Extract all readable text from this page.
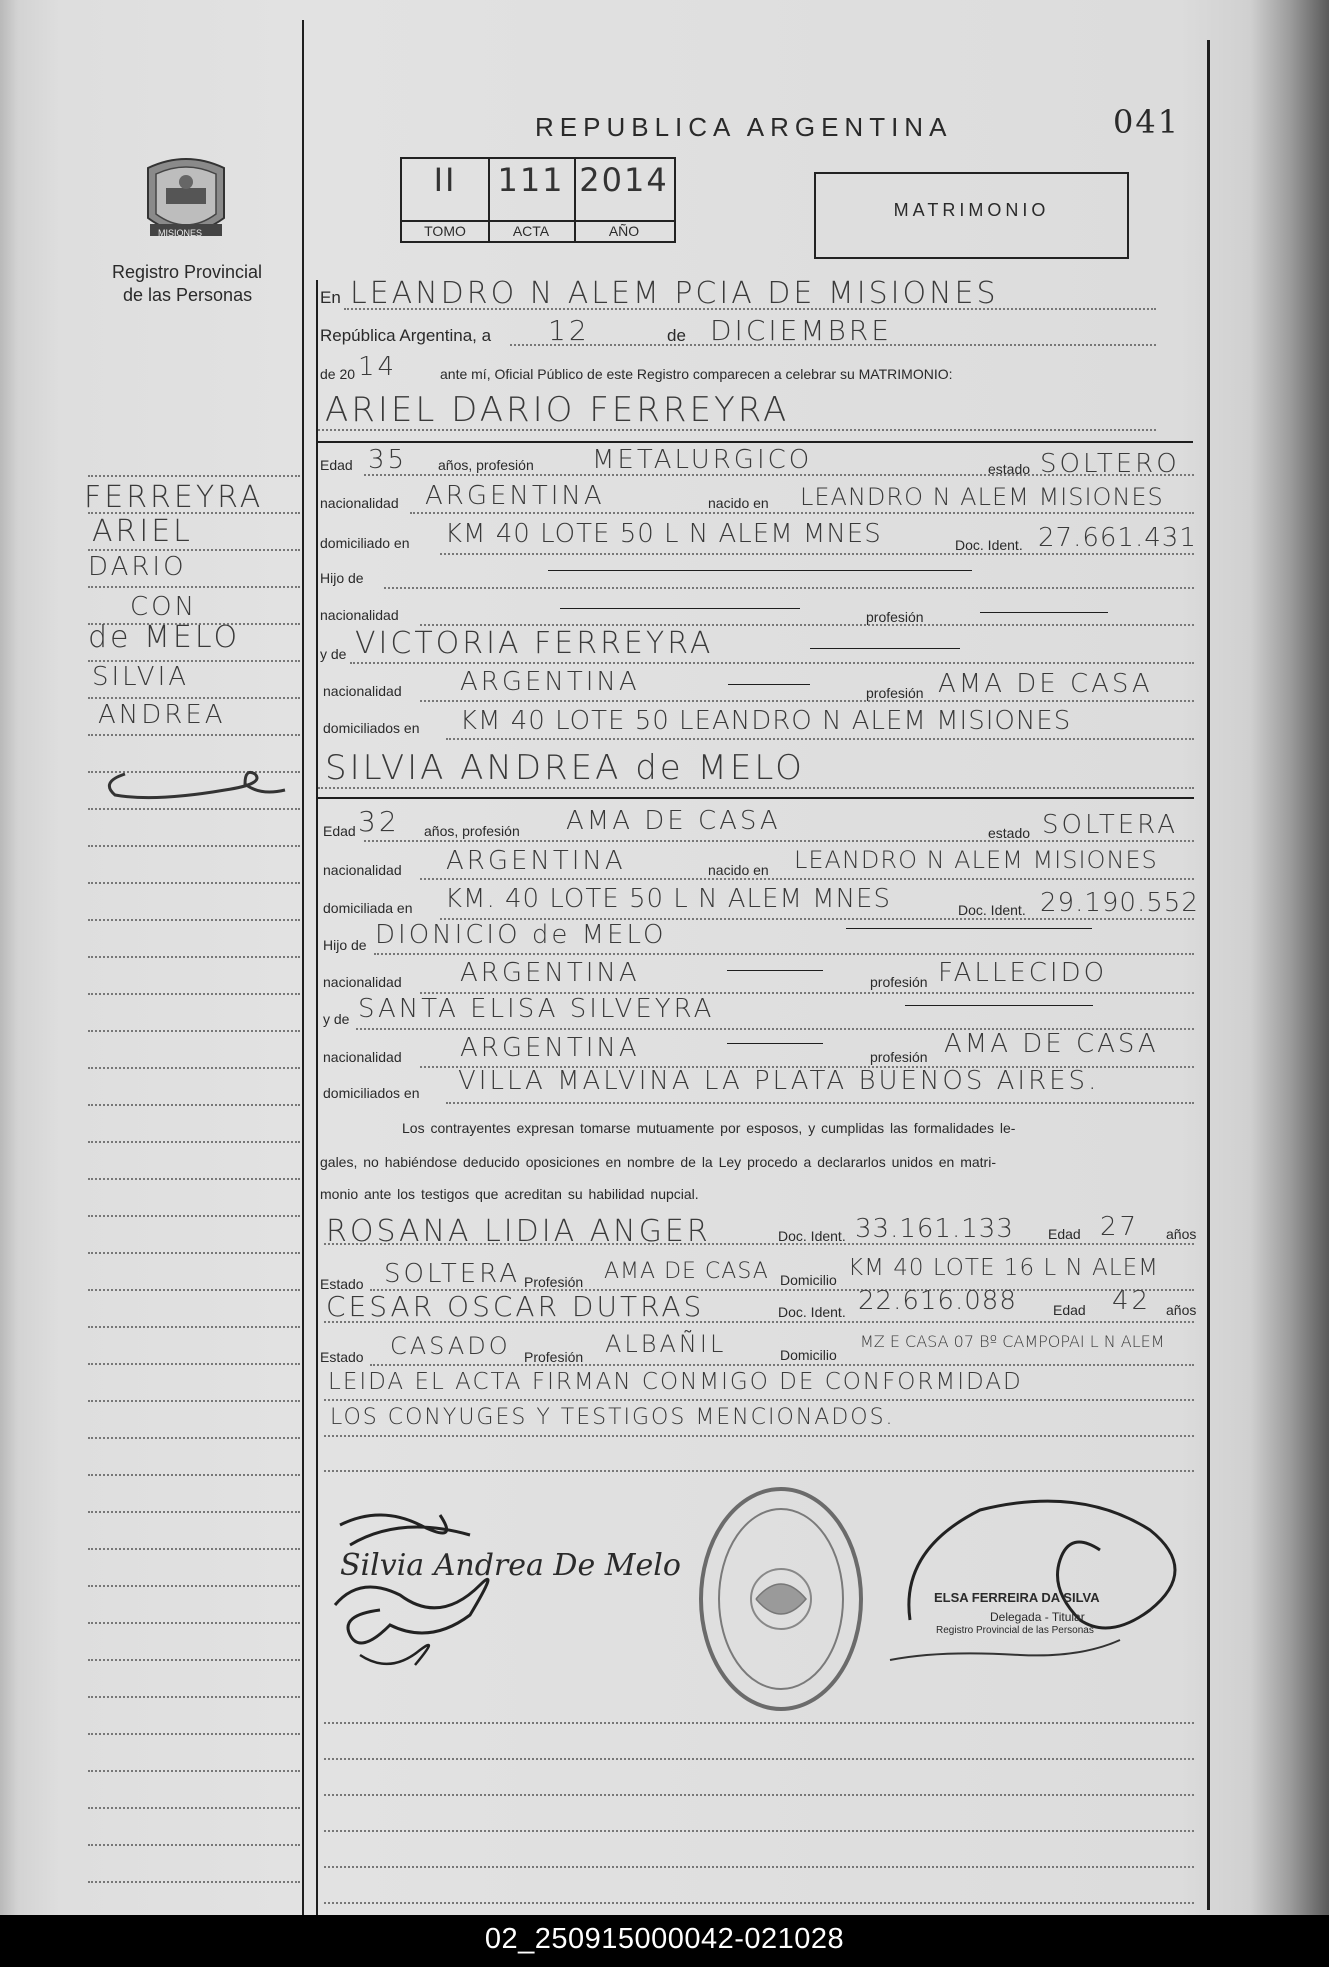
REPUBLICA ARGENTINA	041
MISIONES
Registro Provincial
de las Personas
II
TOMO
111
ACTA
2014
AÑO
MATRIMONIO
FERREYRA
ARIEL
DARIO
CON
de MELO
SILVIA
ANDREA
En LEANDRO N ALEM PCIA DE MISIONES
República Argentina, a 12	de DICIEMBRE
de 20 14	ante mí, Oficial Público de este Registro comparecen a celebrar su MATRIMONIO:
ARIEL DARIO FERREYRA
Edad 35 años, profesión METALURGICO	estado SOLTERO
nacionalidad ARGENTINA	nacido en LEANDRO N ALEM MISIONES
domiciliado en KM 40 LOTE 50 L N ALEM MNES	Doc. Ident. 27.661.431
Hijo de
nacionalidad	profesión
y de VICTORIA FERREYRA
nacionalidad ARGENTINA	profesión AMA DE CASA
domiciliados en KM 40 LOTE 50 LEANDRO N ALEM MISIONES
SILVIA ANDREA de MELO
Edad 32 años, profesión AMA DE CASA	estado SOLTERA
nacionalidad ARGENTINA	nacido en LEANDRO N ALEM MISIONES
domiciliada en KM. 40 LOTE 50 L N ALEM MNES	Doc. Ident. 29.190.552
Hijo de DIONICIO de MELO
nacionalidad ARGENTINA	profesión FALLECIDO
y de SANTA ELISA SILVEYRA
nacionalidad ARGENTINA	profesión AMA DE CASA
domiciliados en VILLA MALVINA LA PLATA BUENOS AIRES.
Los contrayentes expresan tomarse mutuamente por esposos, y cumplidas las formalidades le-
gales, no habiéndose deducido oposiciones en nombre de la Ley procedo a declararlos unidos en matri-
monio ante los testigos que acreditan su habilidad nupcial.
ROSANA LIDIA ANGER	Doc. Ident. 33.161.133 Edad 27 años
Estado SOLTERA Profesión AMA DE CASA Domicilio KM 40 LOTE 16 L N ALEM
CESAR OSCAR DUTRAS	Doc. Ident. 22.616.088	Edad 42 años
Estado CASADO Profesión ALBAÑIL	Domicilio
MZ E CASA 07 Bº CAMPOPAI L N ALEM
LEIDA EL ACTA FIRMAN CONMIGO DE CONFORMIDAD
LOS CONYUGES Y TESTIGOS MENCIONADOS.
Silvia Andrea De Melo
ELSA FERREIRA DA SILVA
Delegada - Titular
Registro Provincial de las Personas
02_250915000042-021028
